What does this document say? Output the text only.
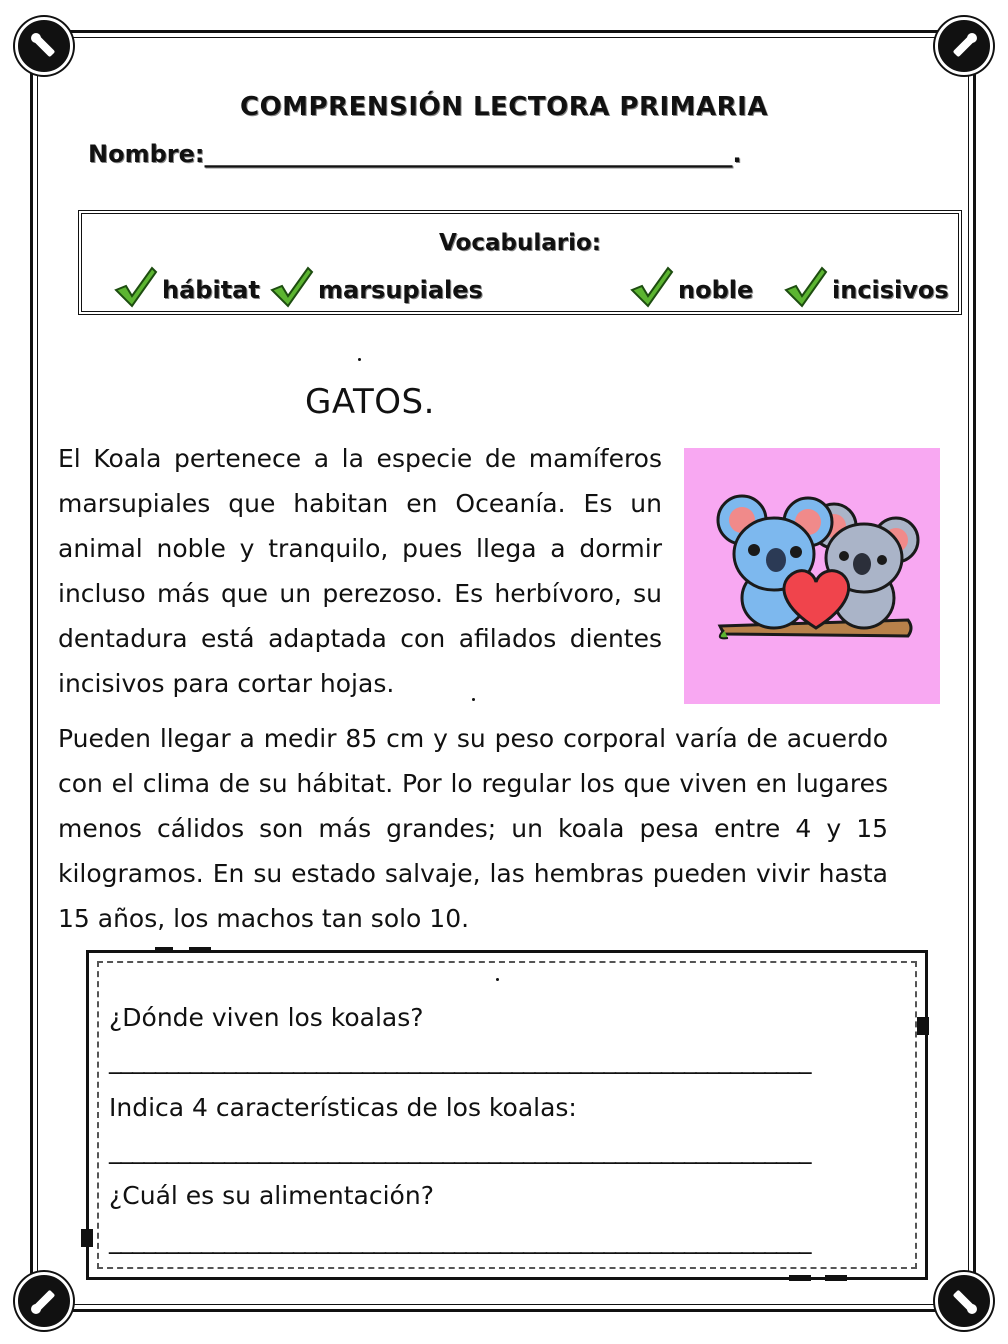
COMPRENSIÓN LECTORA PRIMARIA
Nombre:____________________________________________.
Vocabulario:
hábitat marsupiales	noble	incisivos
GATOS.
El Koala pertenece a la especie de mamíferos marsupiales que habitan en Oceanía. Es un animal noble y tranquilo, pues llega a dormir incluso más que un perezoso. Es herbívoro, su dentadura está adaptada con afilados dientes incisivos para cortar hojas.
Pueden llegar a medir 85 cm y su peso corporal varía de acuerdo con el clima de su hábitat. Por lo regular los que viven en lugares menos cálidos son más grandes; un koala pesa entre 4 y 15 kilogramos. En su estado salvaje, las hembras pueden vivir hasta 15 años, los machos tan solo 10.
¿Dónde viven los koalas?
_____________________________________________________________
Indica 4 características de los koalas:
_____________________________________________________________
¿Cuál es su alimentación?
_____________________________________________________________
